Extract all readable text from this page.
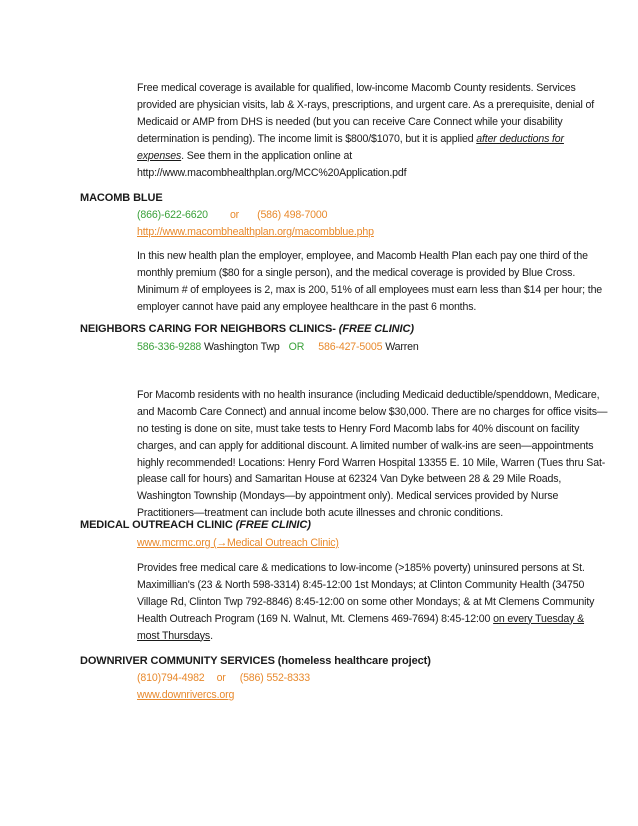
Free medical coverage is available for qualified, low-income Macomb County residents. Services provided are physician visits, lab & X-rays, prescriptions, and urgent care. As a prerequisite, denial of Medicaid or AMP from DHS is needed (but you can receive Care Connect while your disability determination is pending). The income limit is $800/$1070, but it is applied after deductions for expenses. See them in the application online at
http://www.macombhealthplan.org/MCC%20Application.pdf

MACOMB BLUE
(866)-622-6620 or (586) 498-7000
http://www.macombhealthplan.org/macombblue.php

In this new health plan the employer, employee, and Macomb Health Plan each pay one third of the monthly premium ($80 for a single person), and the medical coverage is provided by Blue Cross. Minimum # of employees is 2, max is 200, 51% of all employees must earn less than $14 per hour; the employer cannot have paid any employee healthcare in the past 6 months.

NEIGHBORS CARING FOR NEIGHBORS CLINICS- (FREE CLINIC)
586-336-9288 Washington Twp OR 586-427-5005 Warren

For Macomb residents with no health insurance (including Medicaid deductible/spenddown, Medicare, and Macomb Care Connect) and annual income below $30,000. There are no charges for office visits—no testing is done on site, must take tests to Henry Ford Macomb labs for 40% discount on facility charges, and can apply for additional discount. A limited number of walk-ins are seen—appointments highly recommended! Locations: Henry Ford Warren Hospital 13355 E. 10 Mile, Warren (Tues thru Sat-please call for hours) and Samaritan House at 62324 Van Dyke between 28 & 29 Mile Roads, Washington Township (Mondays—by appointment only). Medical services provided by Nurse Practitioners—treatment can include both acute illnesses and chronic conditions.

MEDICAL OUTREACH CLINIC (FREE CLINIC)
www.mcrmc.org (→Medical Outreach Clinic)

Provides free medical care & medications to low-income (>185% poverty) uninsured persons at St. Maximillian's (23 & North 598-3314) 8:45-12:00 1st Mondays; at Clinton Community Health (34750 Village Rd, Clinton Twp 792-8846) 8:45-12:00 on some other Mondays; & at Mt Clemens Community Health Outreach Program (169 N. Walnut, Mt. Clemens 469-7694) 8:45-12:00 on every Tuesday & most Thursdays.

DOWNRIVER COMMUNITY SERVICES (homeless healthcare project)
(810)794-4982 or (586) 552-8333
www.downrivercs.org
